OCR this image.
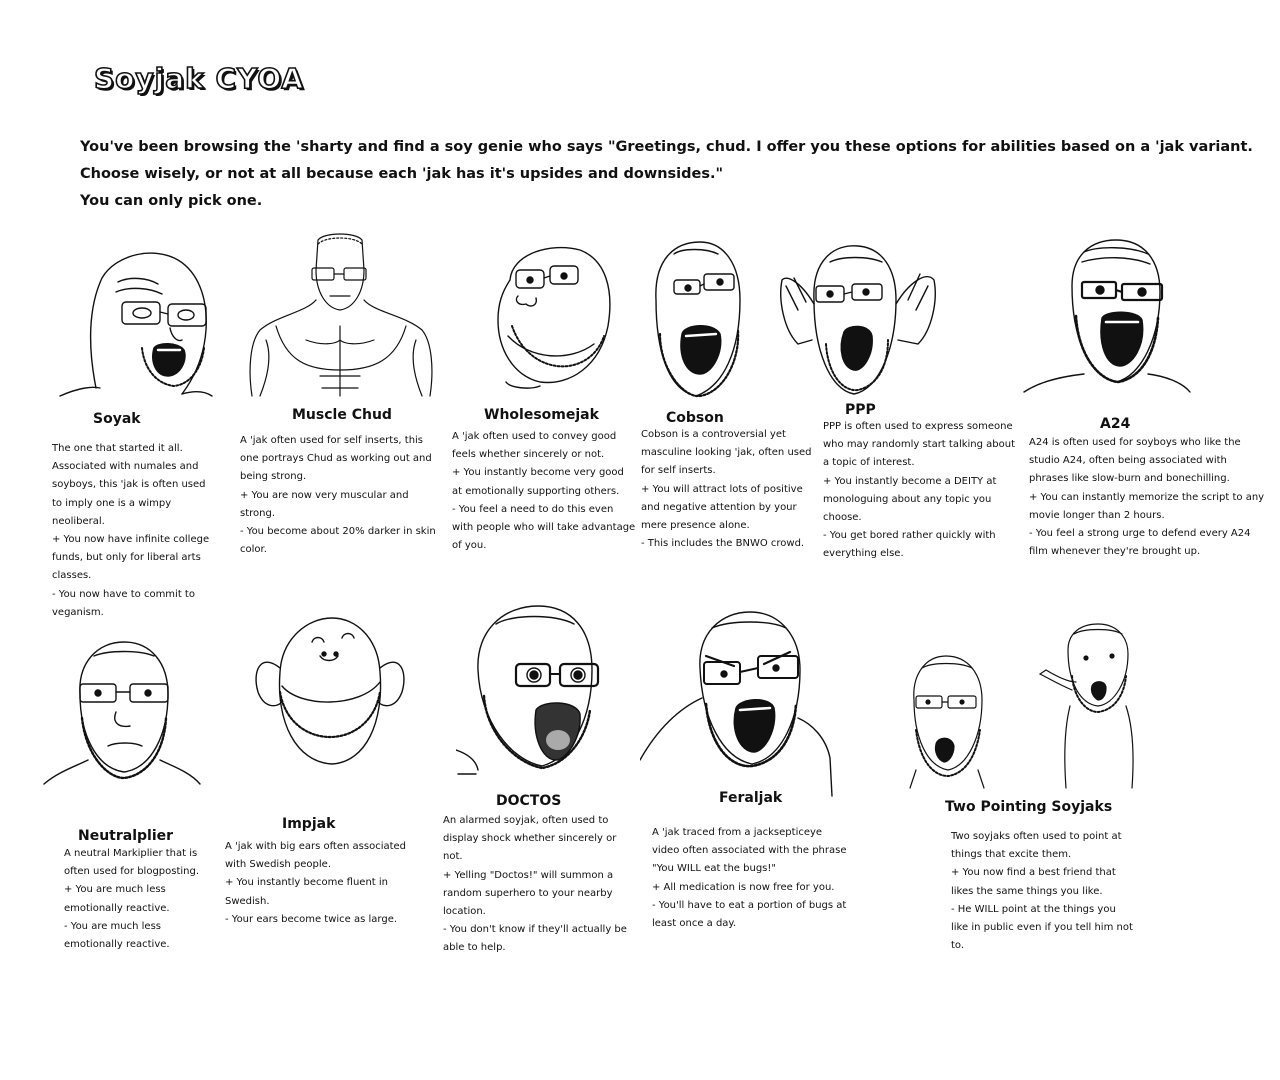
Soyjak CYOA

You've been browsing the 'sharty and find a soy genie who says "Greetings, chud. I offer you these options for abilities based on a 'jak variant.

Choose wisely, or not at all because each 'jak has it's upsides and downsides."

You can only pick one.

Soyak

The one that started it all.

Associated with numales and

soyboys, this 'jak is often used

to imply one is a wimpy

neoliberal.

+ You now have infinite college

funds, but only for liberal arts

classes.

- You now have to commit to

veganism.

Muscle Chud

A 'jak often used for self inserts, this

one portrays Chud as working out and

being strong.

+ You are now very muscular and

strong.

- You become about 20% darker in skin

color.

Wholesomejak

A 'jak often used to convey good

feels whether sincerely or not.

+ You instantly become very good

at emotionally supporting others.

- You feel a need to do this even

with people who will take advantage

of you.

Cobson

Cobson is a controversial yet

masculine looking 'jak, often used

for self inserts.

+ You will attract lots of positive

and negative attention by your

mere presence alone.

- This includes the BNWO crowd.

PPP

PPP is often used to express someone

who may randomly start talking about

a topic of interest.

+ You instantly become a DEITY at

monologuing about any topic you

choose.

- You get bored rather quickly with

everything else.

A24

A24 is often used for soyboys who like the

studio A24, often being associated with

phrases like slow-burn and bonechilling.

+ You can instantly memorize the script to any

movie longer than 2 hours.

- You feel a strong urge to defend every A24

film whenever they're brought up.

Neutralplier

A neutral Markiplier that is

often used for blogposting.

+ You are much less

emotionally reactive.

- You are much less

emotionally reactive.

Impjak

A 'jak with big ears often associated

with Swedish people.

+ You instantly become fluent in

Swedish.

- Your ears become twice as large.

DOCTOS

An alarmed soyjak, often used to

display shock whether sincerely or

not.

+ Yelling "Doctos!" will summon a

random superhero to your nearby

location.

- You don't know if they'll actually be

able to help.

Feraljak

A 'jak traced from a jacksepticeye

video often associated with the phrase

"You WILL eat the bugs!"

+ All medication is now free for you.

- You'll have to eat a portion of bugs at

least once a day.

Two Pointing Soyjaks

Two soyjaks often used to point at

things that excite them.

+ You now find a best friend that

likes the same things you like.

- He WILL point at the things you

like in public even if you tell him not

to.
